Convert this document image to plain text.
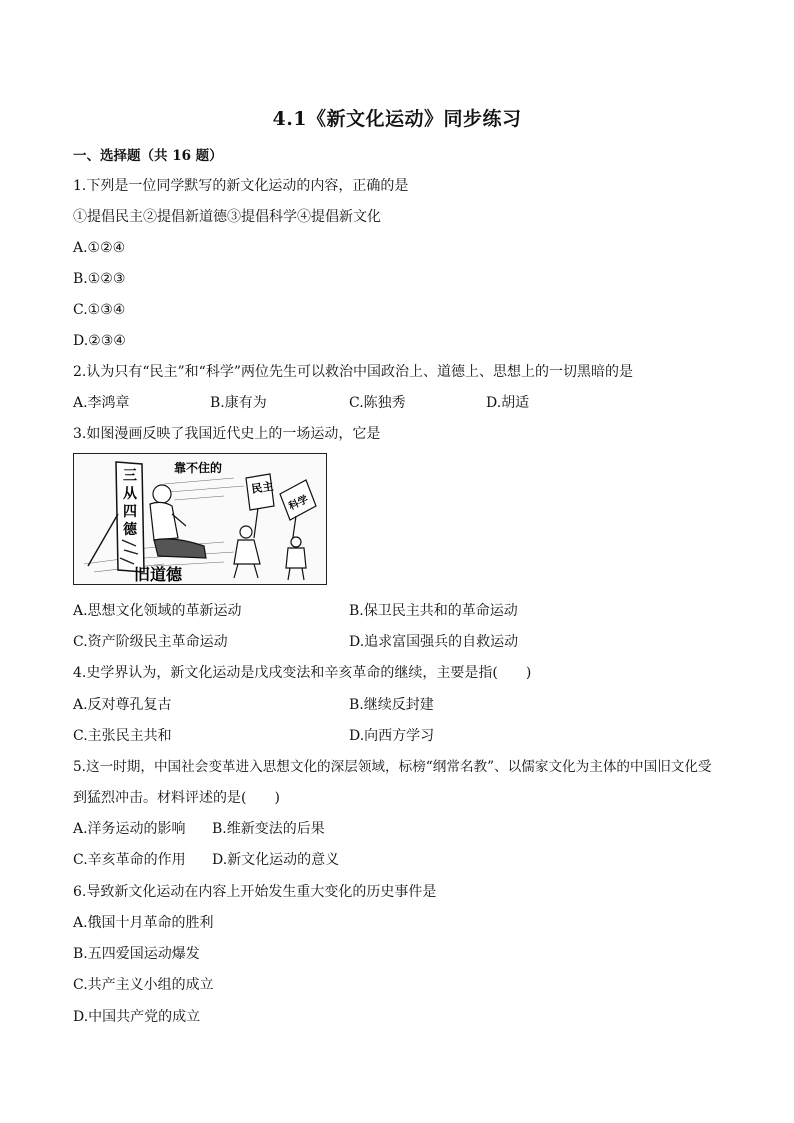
4.1《新文化运动》同步练习
一、选择题（共 16 题）
1.下列是一位同学默写的新文化运动的内容，正确的是
①提倡民主②提倡新道德③提倡科学④提倡新文化
A.①②④
B.①②③
C.①③④
D.②③④
2.认为只有“民主”和“科学”两位先生可以救治中国政治上、道德上、思想上的一切黑暗的是
A.李鸿章	B.康有为	C.陈独秀	D.胡适
3.如图漫画反映了我国近代史上的一场运动，它是
三
从
四
德
靠不住的
民主
科学
旧道德
A.思想文化领域的革新运动	B.保卫民主共和的革命运动
C.资产阶级民主革命运动	D.追求富国强兵的自救运动
4.史学界认为，新文化运动是戊戌变法和辛亥革命的继续，主要是指(　　)
A.反对尊孔复古	B.继续反封建
C.主张民主共和	D.向西方学习
5.这一时期，中国社会变革进入思想文化的深层领域，标榜“纲常名教”、以儒家文化为主体的中国旧文化受
到猛烈冲击。材料评述的是(　　)
A.洋务运动的影响 B.维新变法的后果
C.辛亥革命的作用 D.新文化运动的意义
6.导致新文化运动在内容上开始发生重大变化的历史事件是
A.俄国十月革命的胜利
B.五四爱国运动爆发
C.共产主义小组的成立
D.中国共产党的成立
